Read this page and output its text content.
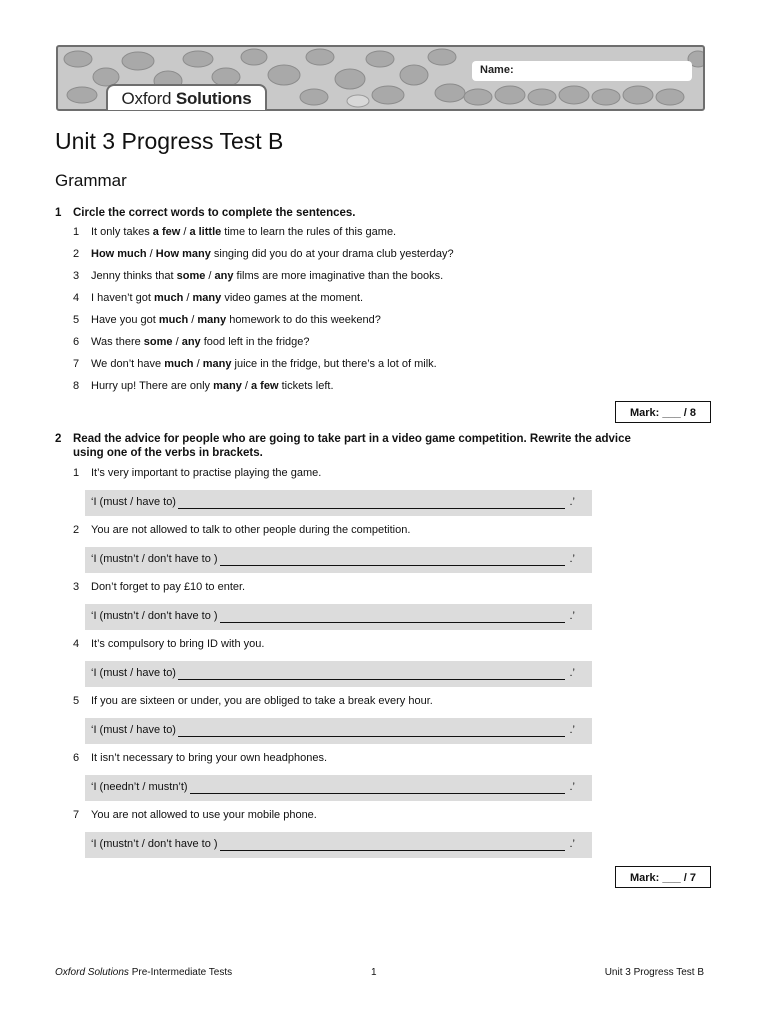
Name:
Oxford Solutions
Unit 3 Progress Test B
Grammar
1 Circle the correct words to complete the sentences.
1 It only takes a few / a little time to learn the rules of this game.
2 How much / How many singing did you do at your drama club yesterday?
3 Jenny thinks that some / any films are more imaginative than the books.
4 I haven’t got much / many video games at the moment.
5 Have you got much / many homework to do this weekend?
6 Was there some / any food left in the fridge?
7 We don’t have much / many juice in the fridge, but there’s a lot of milk.
8 Hurry up! There are only many / a few tickets left.
Mark: ___ / 8
2 Read the advice for people who are going to take part in a video game competition. Rewrite the advice
using one of the verbs in brackets.
1 It’s very important to practise playing the game.
‘I (must / have to)	.’
2 You are not allowed to talk to other people during the competition.
‘I (mustn’t / don’t have to )	.’
3 Don’t forget to pay £10 to enter.
‘I (mustn’t / don’t have to )	.’
4 It’s compulsory to bring ID with you.
‘I (must / have to)	.’
5 If you are sixteen or under, you are obliged to take a break every hour.
‘I (must / have to)	.’
6 It isn’t necessary to bring your own headphones.
‘I (needn’t / mustn’t)	.’
7 You are not allowed to use your mobile phone.
‘I (mustn’t / don’t have to )	.’
Mark: ___ / 7
Oxford Solutions Pre-Intermediate Tests	1	Unit 3 Progress Test B
